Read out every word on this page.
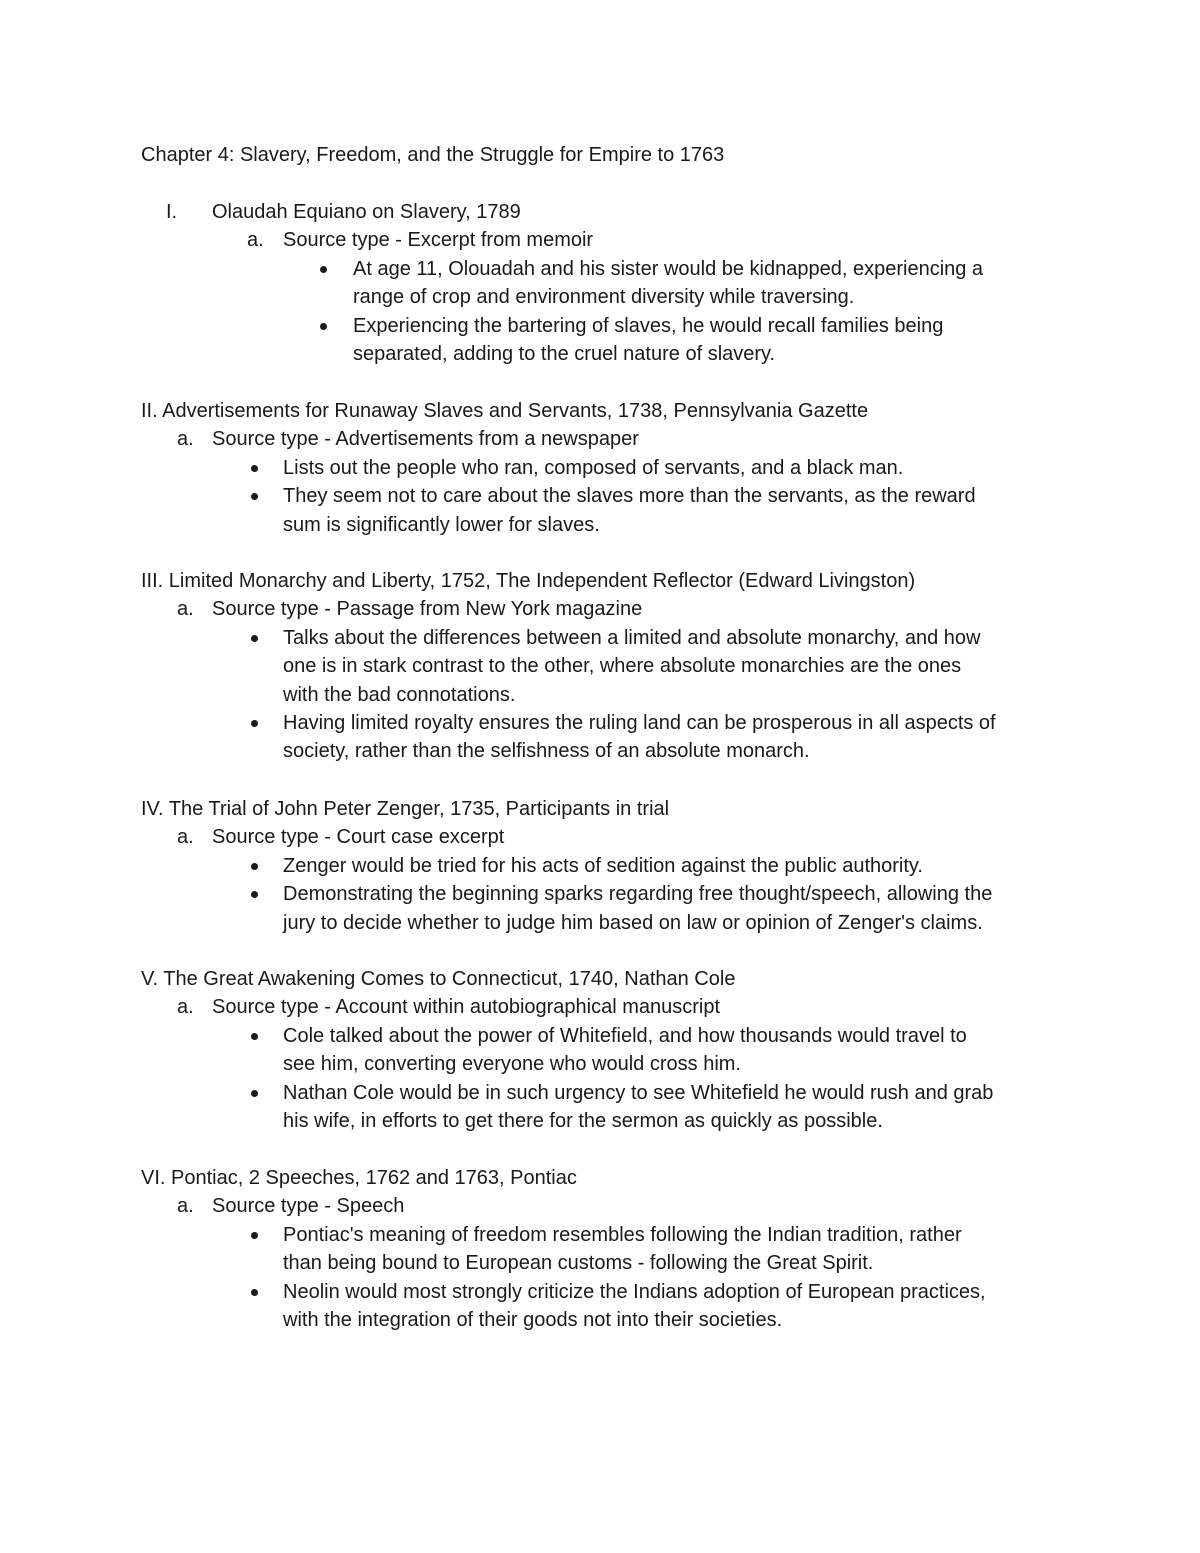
Chapter 4: Slavery, Freedom, and the Struggle for Empire to 1763
I. Olaudah Equiano on Slavery, 1789
a. Source type - Excerpt from memoir
At age 11, Olouadah and his sister would be kidnapped, experiencing a
range of crop and environment diversity while traversing.
Experiencing the bartering of slaves, he would recall families being
separated, adding to the cruel nature of slavery.
II. Advertisements for Runaway Slaves and Servants, 1738, Pennsylvania Gazette
a. Source type - Advertisements from a newspaper
Lists out the people who ran, composed of servants, and a black man.
They seem not to care about the slaves more than the servants, as the reward
sum is significantly lower for slaves.
III. Limited Monarchy and Liberty, 1752, The Independent Reflector (Edward Livingston)
a. Source type - Passage from New York magazine
Talks about the differences between a limited and absolute monarchy, and how
one is in stark contrast to the other, where absolute monarchies are the ones
with the bad connotations.
Having limited royalty ensures the ruling land can be prosperous in all aspects of
society, rather than the selfishness of an absolute monarch.
IV. The Trial of John Peter Zenger, 1735, Participants in trial
a. Source type - Court case excerpt
Zenger would be tried for his acts of sedition against the public authority.
Demonstrating the beginning sparks regarding free thought/speech, allowing the
jury to decide whether to judge him based on law or opinion of Zenger's claims.
V. The Great Awakening Comes to Connecticut, 1740, Nathan Cole
a. Source type - Account within autobiographical manuscript
Cole talked about the power of Whitefield, and how thousands would travel to
see him, converting everyone who would cross him.
Nathan Cole would be in such urgency to see Whitefield he would rush and grab
his wife, in efforts to get there for the sermon as quickly as possible.
VI. Pontiac, 2 Speeches, 1762 and 1763, Pontiac
a. Source type - Speech
Pontiac's meaning of freedom resembles following the Indian tradition, rather
than being bound to European customs - following the Great Spirit.
Neolin would most strongly criticize the Indians adoption of European practices,
with the integration of their goods not into their societies.
